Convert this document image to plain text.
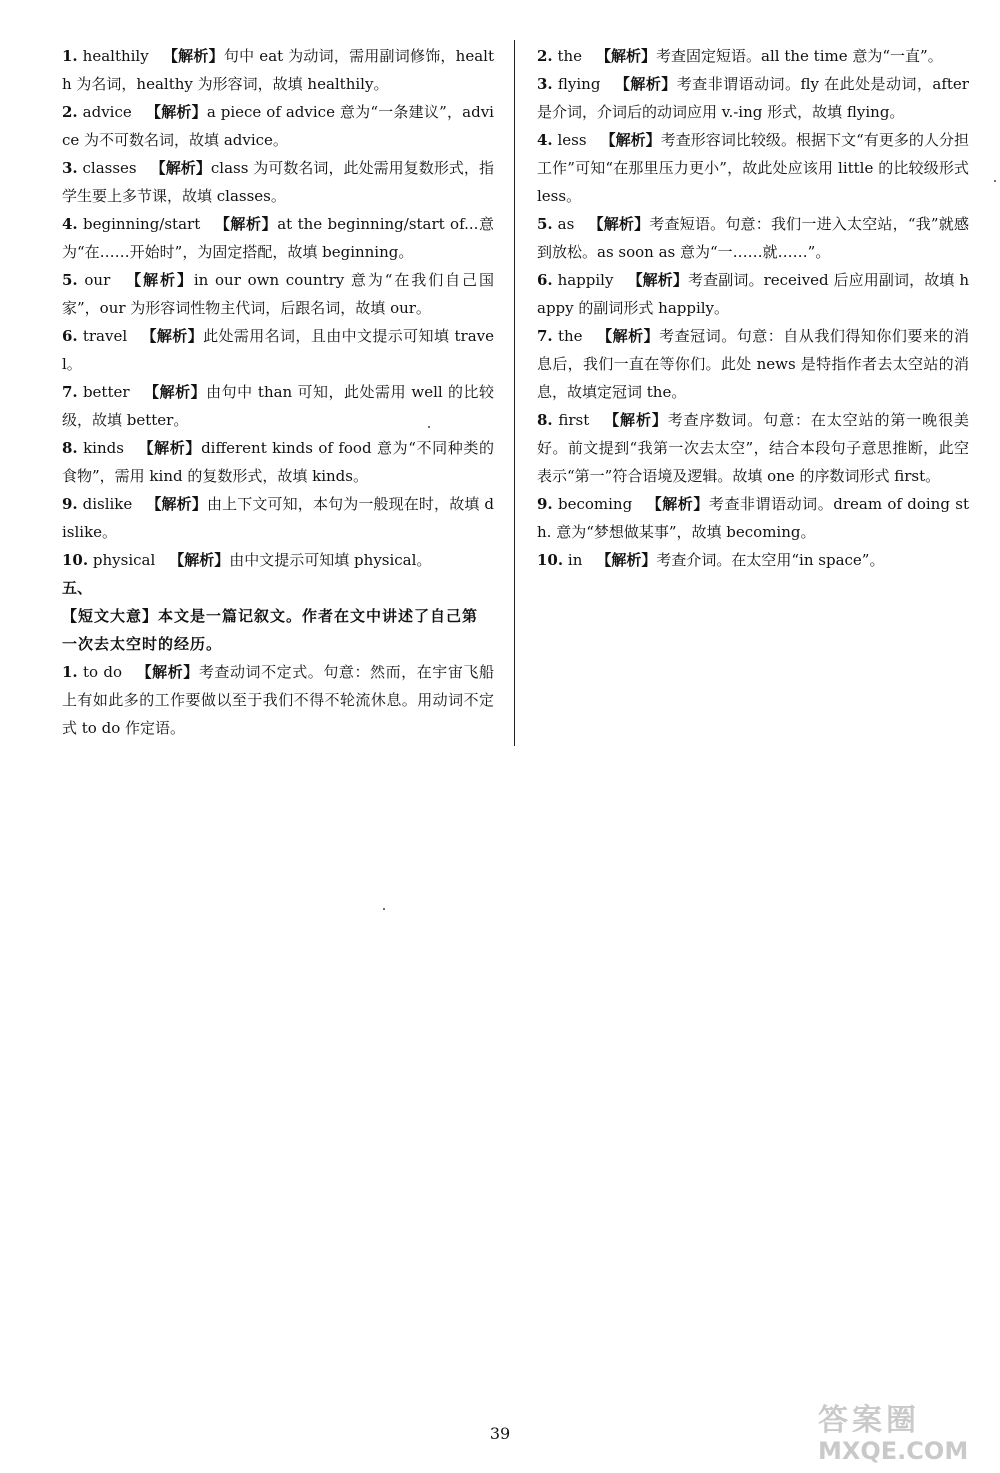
1. healthily 【解析】句中 eat 为动词，需用副词修饰，health 为名词，healthy 为形容词，故填 healthily。

2. advice 【解析】a piece of advice 意为“一条建议”，advice 为不可数名词，故填 advice。

3. classes 【解析】class 为可数名词，此处需用复数形式，指学生要上多节课，故填 classes。

4. beginning/start 【解析】at the beginning/start of...意为“在……开始时”，为固定搭配，故填 beginning。

5. our 【解析】in our own country 意为“在我们自己国家”，our 为形容词性物主代词，后跟名词，故填 our。

6. travel 【解析】此处需用名词，且由中文提示可知填 travel。

7. better 【解析】由句中 than 可知，此处需用 well 的比较级，故填 better。

8. kinds 【解析】different kinds of food 意为“不同种类的食物”，需用 kind 的复数形式，故填 kinds。

9. dislike 【解析】由上下文可知，本句为一般现在时，故填 dislike。

10. physical 【解析】由中文提示可知填 physical。

五、

【短文大意】本文是一篇记叙文。作者在文中讲述了自己第一次去太空时的经历。

1. to do 【解析】考查动词不定式。句意：然而，在宇宙飞船上有如此多的工作要做以至于我们不得不轮流休息。用动词不定式 to do 作定语。

2. the 【解析】考查固定短语。all the time 意为“一直”。

3. flying 【解析】考查非谓语动词。fly 在此处是动词，after 是介词，介词后的动词应用 v.-ing 形式，故填 flying。

4. less 【解析】考查形容词比较级。根据下文“有更多的人分担工作”可知“在那里压力更小”，故此处应该用 little 的比较级形式 less。

5. as 【解析】考查短语。句意：我们一进入太空站，“我”就感到放松。as soon as 意为“一……就……”。

6. happily 【解析】考查副词。received 后应用副词，故填 happy 的副词形式 happily。

7. the 【解析】考查冠词。句意：自从我们得知你们要来的消息后，我们一直在等你们。此处 news 是特指作者去太空站的消息，故填定冠词 the。

8. first 【解析】考查序数词。句意：在太空站的第一晚很美好。前文提到“我第一次去太空”，结合本段句子意思推断，此空表示“第一”符合语境及逻辑。故填 one 的序数词形式 first。

9. becoming 【解析】考查非谓语动词。dream of doing sth. 意为“梦想做某事”，故填 becoming。

10. in 【解析】考查介词。在太空用“in space”。

39	答案圈
MXQE.COM
